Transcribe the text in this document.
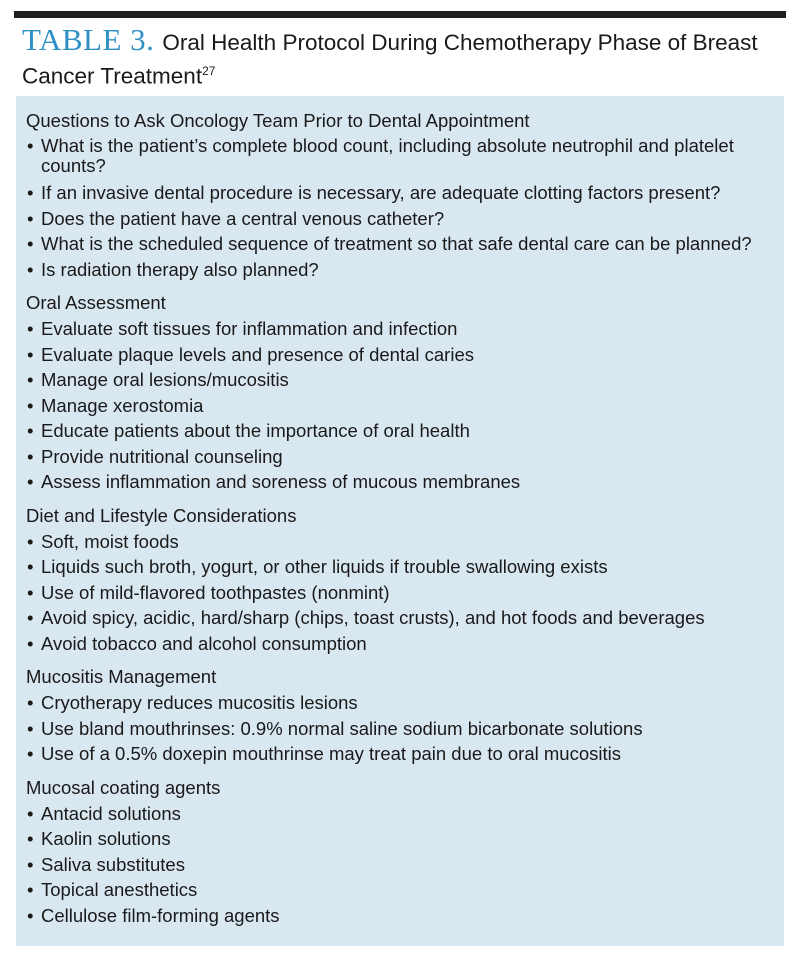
TABLE 3. Oral Health Protocol During Chemotherapy Phase of Breast
Cancer Treatment$^{27}$
Questions to Ask Oncology Team Prior to Dental Appointment
• What is the patient’s complete blood count, including absolute neutrophil and platelet counts?
• If an invasive dental procedure is necessary, are adequate clotting factors present?
• Does the patient have a central venous catheter?
• What is the scheduled sequence of treatment so that safe dental care can be planned?
• Is radiation therapy also planned?
Oral Assessment
• Evaluate soft tissues for inflammation and infection
• Evaluate plaque levels and presence of dental caries
• Manage oral lesions/mucositis
• Manage xerostomia
• Educate patients about the importance of oral health
• Provide nutritional counseling
• Assess inflammation and soreness of mucous membranes
Diet and Lifestyle Considerations
• Soft, moist foods
• Liquids such broth, yogurt, or other liquids if trouble swallowing exists
• Use of mild-flavored toothpastes (nonmint)
• Avoid spicy, acidic, hard/sharp (chips, toast crusts), and hot foods and beverages
• Avoid tobacco and alcohol consumption
Mucositis Management
• Cryotherapy reduces mucositis lesions
• Use bland mouthrinses: 0.9% normal saline sodium bicarbonate solutions
• Use of a 0.5% doxepin mouthrinse may treat pain due to oral mucositis
Mucosal coating agents
• Antacid solutions
• Kaolin solutions
• Saliva substitutes
• Topical anesthetics
• Cellulose film-forming agents
